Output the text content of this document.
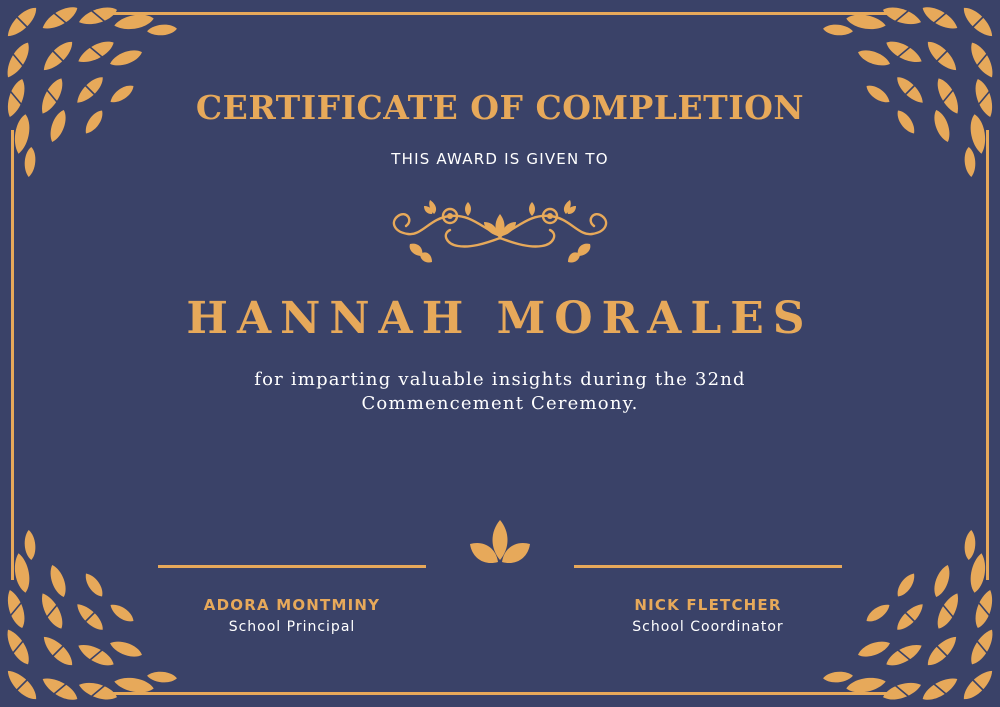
CERTIFICATE OF COMPLETION
THIS AWARD IS GIVEN TO
HANNAH MORALES
for imparting valuable insights during the 32nd Commencement Ceremony.
ADORA MONTMINY
School Principal
NICK FLETCHER
School Coordinator
